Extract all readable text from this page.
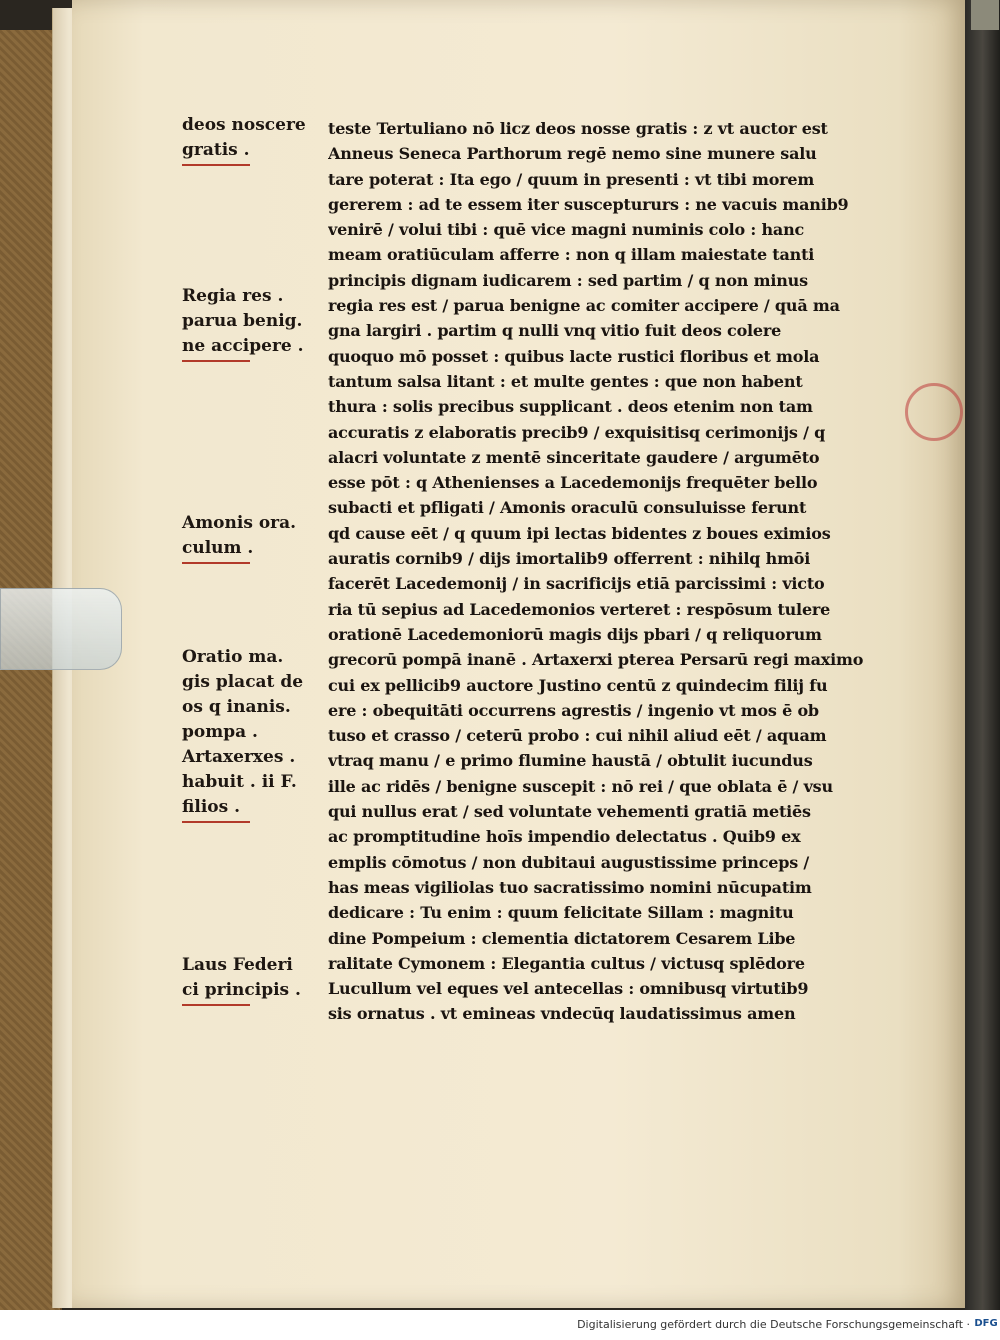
deos noscere
gratis .
Regia res .
parua benig.
ne accipere .
Amonis ora.
culum .
Oratio ma.
gis placat de
os q inanis.
pompa .
Artaxerxes .
habuit . ii F.
filios .
Laus Federi
ci principis .
teste Tertuliano nō licz deos nosse gratis : z vt auctor est
Anneus Seneca Parthorum regē nemo sine munere salu
tare poterat : Ita ego / quum in presenti : vt tibi morem
gererem : ad te essem iter susceptururs : ne vacuis manib9
venirē / volui tibi : quē vice magni numinis colo : hanc
meam oratiūculam afferre : non q illam maiestate tanti
principis dignam iudicarem : sed partim / q non minus
regia res est / parua benigne ac comiter accipere / quā ma
gna largiri . partim q nulli vnq vitio fuit deos colere
quoquo mō posset : quibus lacte rustici floribus et mola
tantum salsa litant : et multe gentes : que non habent
thura : solis precibus supplicant . deos etenim non tam
accuratis z elaboratis precib9 / exquisitisq cerimonijs / q
alacri voluntate z mentē sinceritate gaudere / argumēto
esse pōt : q Athenienses a Lacedemonijs frequēter bello
subacti et pfligati / Amonis oraculū consuluisse ferunt
qd cause eēt / q quum ipi lectas bidentes z boues eximios
auratis cornib9 / dijs imortalib9 offerrent : nihilq hmōi
facerēt Lacedemonij / in sacrificijs etiā parcissimi : victo
ria tū sepius ad Lacedemonios verteret : respōsum tulere
orationē Lacedemoniorū magis dijs pbari / q reliquorum
grecorū pompā inanē . Artaxerxi pterea Persarū regi maximo
cui ex pellicib9 auctore Justino centū z quindecim filij fu
ere : obequitāti occurrens agrestis / ingenio vt mos ē ob
tuso et crasso / ceterū probo : cui nihil aliud eēt / aquam
vtraq manu / e primo flumine haustā / obtulit iucundus
ille ac ridēs / benigne suscepit : nō rei / que oblata ē / vsu
qui nullus erat / sed voluntate vehementi gratiā metiēs
ac promptitudine hoīs impendio delectatus . Quib9 ex
emplis cōmotus / non dubitaui augustissime princeps /
has meas vigiliolas tuo sacratissimo nomini nūcupatim
dedicare : Tu enim : quum felicitate Sillam : magnitu
dine Pompeium : clementia dictatorem Cesarem Libe
ralitate Cymonem : Elegantia cultus / victusq splēdore
Lucullum vel eques vel antecellas : omnibusq virtutib9
sis ornatus . vt emineas vndecūq laudatissimus amen
Digitalisierung gefördert durch die Deutsche Forschungsgemeinschaft · DFG
